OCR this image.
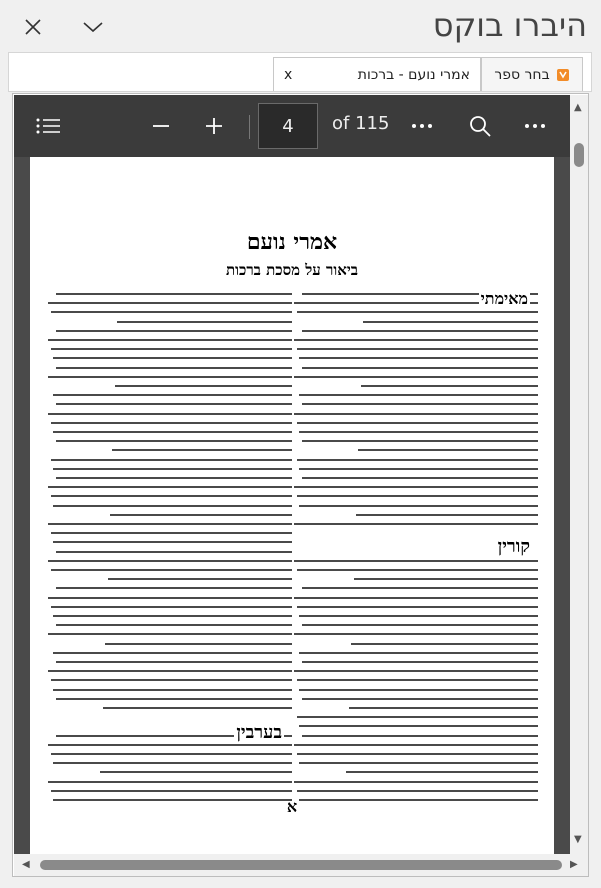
היברו בוקס
בחר ספר
אמרי נועם - ברכות
x
4	of 115
אמרי נועם
ביאור על מסכת ברכות
מאימתי
קורין
בערבין
א
▲
▼
◀	▶
